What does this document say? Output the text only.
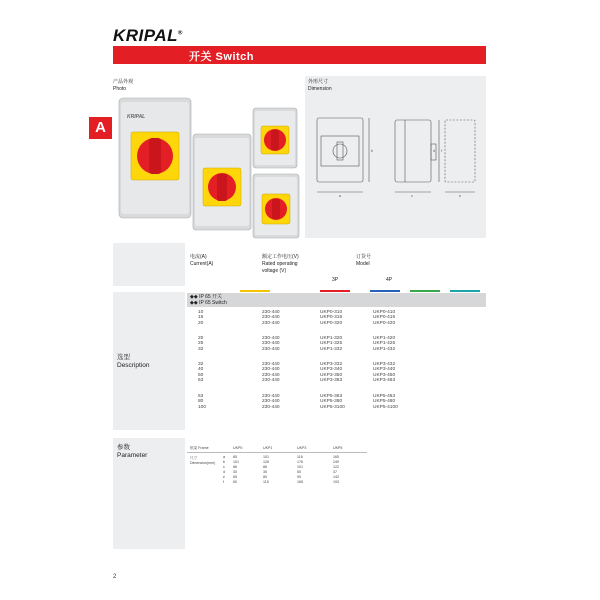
KRIPAL®
开关 Switch
A
产品外观
Photo
KRIPAL
外形尺寸
Dimension
a
b
c
d
e
f
电流(A)
Current(A)
额定工作电压(V)
Rated operating
voltage (V)
订货号
Model
3P	4P
选型
Description
◆◆ IP 65 开关
◆◆ IP 65 Switch
10	230-440	UKP0-310	UKP0-410
16	230-440	UKP0-316	UKP0-416
20	230-440	UKP0-320	UKP0-420
20	230-440	UKP1-320	UKP1-420
25	230-440	UKP1-325	UKP1-425
32	230-440	UKP1-332	UKP1-432
32	230-440	UKP3-332	UKP3-432
40	230-440	UKP3-340	UKP3-440
50	230-440	UKP3-350	UKP3-450
63	230-440	UKP3-363	UKP3-463
63	230-440	UKP5-363	UKP5-463
80	230-440	UKP5-380	UKP5-480
100	230-440	UKP5-3100	UKP5-4100
参数
Parameter
框架 Frame
尺寸
Dimension(mm)
UKP0	UKP1	UKP3	UKP5
a 85	101	116	165
b 101	126	176	249
c 66	86	101	122
d 30	35	50	37
e 65	80	90	142
f	60	115	165	193
2
